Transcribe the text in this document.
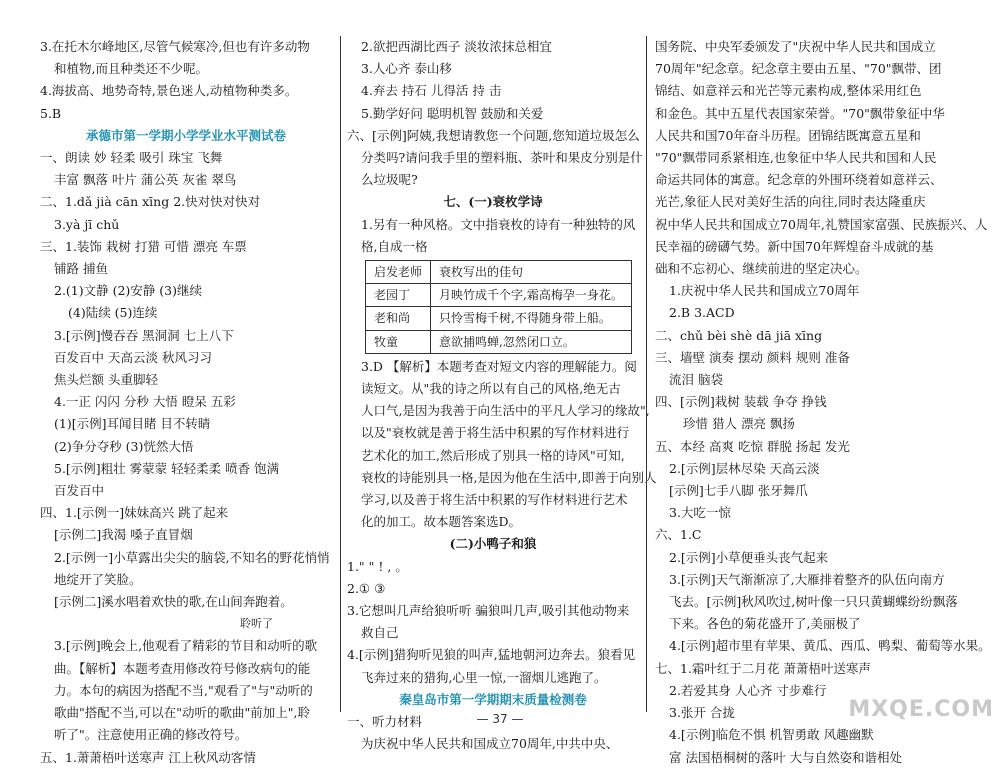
3.在托木尔峰地区,尽管气候寒冷,但也有许多动物
和植物,而且种类还不少呢。
4.海拔高、地势奇特,景色迷人,动植物种类多。
5.B
承德市第一学期小学学业水平测试卷
一、朗读 妙 轻柔 吸引 珠宝 飞舞
丰富 飘落 叶片 蒲公英 灰雀 翠鸟
二、1.dǎ jià cān xīng 2.快对快对快对
3.yà jī chǔ
三、1.装饰 栽树 打猎 可惜 漂亮 车票
铺路 捕鱼
2.(1)文静 (2)安静 (3)继续
(4)陆续 (5)连续
3.[示例]慢吞吞 黑洞洞 七上八下
百发百中 天高云淡 秋风习习
焦头烂额 头重脚轻
4.一正 闪闪 分秒 大悟 瞪呆 五彩
(1)[示例]耳闻目睹 目不转睛
(2)争分夺秒 (3)恍然大悟
5.[示例]粗壮 雾蒙蒙 轻轻柔柔 喷香 饱满
百发百中
四、1.[示例一]妹妹高兴 跳了起来
[示例二]我渴 嗓子直冒烟
2.[示例一]小草露出尖尖的脑袋,不知名的野花悄悄
地绽开了笑脸。
[示例二]溪水唱着欢快的歌,在山间奔跑着。
聆听了
3.[示例]晚会上,他观看了精彩的节目和动听的歌
曲。【解析】本题考查用修改符号修改病句的能
力。本句的病因为搭配不当,"观看了"与"动听的
歌曲"搭配不当,可以在"动听的歌曲"前加上",聆
听了"。注意使用正确的修改符号。
五、1.萧萧梧叶送寒声 江上秋风动客情
2.欲把西湖比西子 淡妆浓抹总相宜
3.人心齐 泰山移
4.弃去 持石 儿得活 持 击
5.勤学好问 聪明机智 鼓励和关爱
六、[示例]阿姨,我想请教您一个问题,您知道垃圾怎么
分类吗?请问我手里的塑料瓶、茶叶和果皮分别是什
么垃圾呢?
七、(一)衰枚学诗
1.另有一种风格。文中指衰枚的诗有一种独特的风
格,自成一格
启发老师	衰枚写出的佳句
老园丁	月映竹成千个字,霜高梅孕一身花。
老和尚	只怜雪梅千树,不得随身带上船。
牧童	意欲捕鸣蝉,忽然闭口立。
3.D 【解析】本题考查对短文内容的理解能力。阅
读短文。从"我的诗之所以有自己的风格,绝无古
人口气,是因为我善于向生活中的平凡人学习的缘故",
以及"衰枚就是善于将生活中积累的写作材料进行
艺术化的加工,然后形成了别具一格的诗风"可知,
衰枚的诗能别具一格,是因为他在生活中,即善于向别人
学习,以及善于将生活中积累的写作材料进行艺术
化的加工。故本题答案选D。
(二)小鸭子和狼
1." " ! , 。
2.① ③
3.它想叫几声给狼听听 骗狼叫几声,吸引其他动物来
救自己
4.[示例]猎狗听见狼的叫声,猛地朝河边奔去。狼看见
飞奔过来的猎狗,心里一惊,一溜烟儿逃跑了。
秦皇岛市第一学期期末质量检测卷
一、听力材料
为庆祝中华人民共和国成立70周年,中共中央、
国务院、中央军委颁发了"庆祝中华人民共和国成立
70周年"纪念章。纪念章主要由五星、"70"飘带、团
锦结、如意祥云和光芒等元素构成,整体采用红色
和金色。其中五星代表国家荣誉。"70"飘带象征中华
人民共和国70年奋斗历程。团锦结既寓意五星和
"70"飘带同系紧相连,也象征中华人民共和国和人民
命运共同体的寓意。纪念章的外围环绕着如意祥云、
光芒,象征人民对美好生活的向往,同时表达隆重庆
祝中华人民共和国成立70周年,礼赞国家富强、民族振兴、人
民幸福的磅礴气势。新中国70年辉煌奋斗成就的基
础和不忘初心、继续前进的坚定决心。
1.庆祝中华人民共和国成立70周年
2.B 3.ACD
二、chǔ bèi shè dā jiā xīng
三、墙壁 演奏 摆动 颜料 规则 准备
流泪 脑袋
四、[示例]栽树 装载 争夺 挣钱
珍惜 猎人 漂亮 飘扬
五、本经 高爽 吃惊 群脱 扬起 发光
2.[示例]层林尽染 天高云淡
[示例]七手八脚 张牙舞爪
3.大吃一惊
六、1.C
2.[示例]小草便垂头丧气起来
3.[示例]天气渐渐凉了,大雁排着整齐的队伍向南方
飞去。[示例]秋风吹过,树叶像一只只黄蝴蝶纷纷飘落
下来。各色的菊花盛开了,美丽极了
4.[示例]超市里有苹果、黄瓜、西瓜、鸭梨、葡萄等水果。
七、1.霜叶红于二月花 萧萧梧叶送寒声
2.若爱其身 人心齐 寸步难行
3.张开 合拢
4.[示例]临危不惧 机智勇敢 风趣幽默
富 法国梧桐树的落叶 大与自然姿和谐相处
— 37 —	MXQE.COM
